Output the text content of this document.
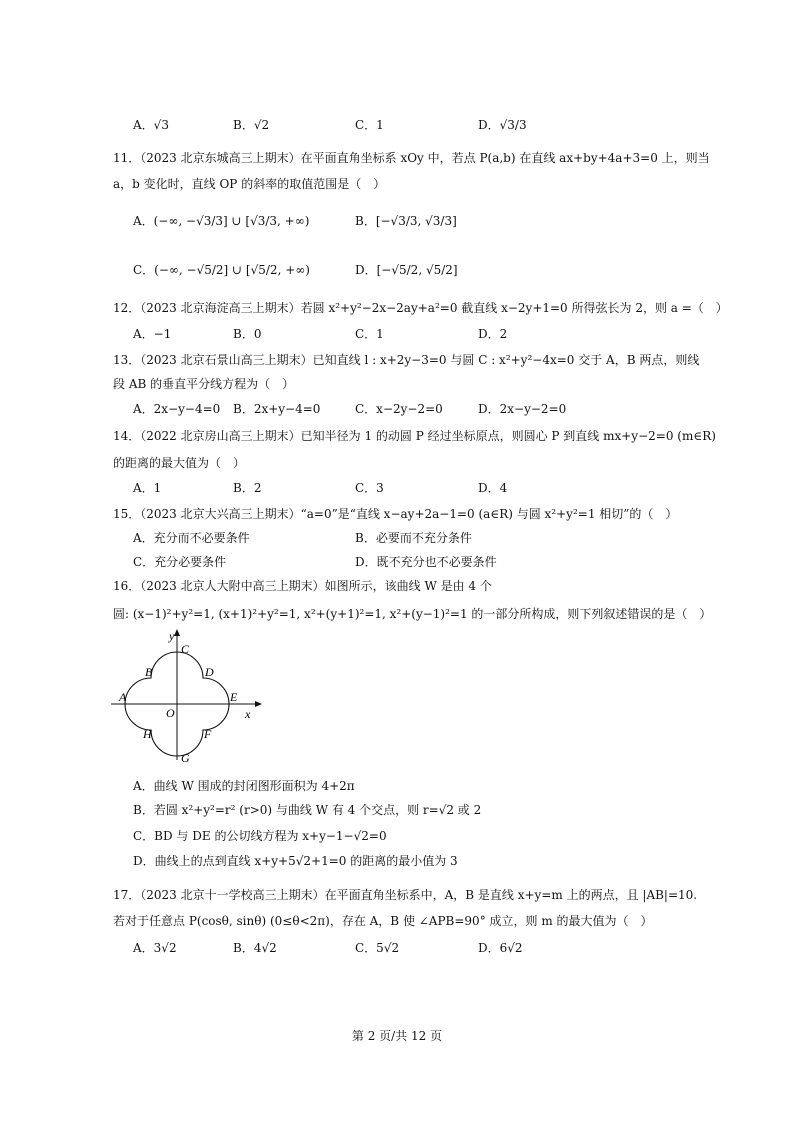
A．√3	B．√2	C．1	D．√3/3
11．（2023 北京东城高三上期末）在平面直角坐标系 xOy 中，若点 P(a,b) 在直线 ax+by+4a+3=0 上，则当
a，b 变化时，直线 OP 的斜率的取值范围是（　）
A．(−∞, −√3/3] ∪ [√3/3, +∞)	B．[−√3/3, √3/3]
C．(−∞, −√5/2] ∪ [√5/2, +∞)	D．[−√5/2, √5/2]
12．（2023 北京海淀高三上期末）若圆 x²+y²−2x−2ay+a²=0 截直线 x−2y+1=0 所得弦长为 2，则 a =（　）
A．−1	B．0	C．1	D．2
13．（2023 北京石景山高三上期末）已知直线 l : x+2y−3=0 与圆 C : x²+y²−4x=0 交于 A，B 两点，则线
段 AB 的垂直平分线方程为（　）
A．2x−y−4=0 B．2x+y−4=0	C．x−2y−2=0	D．2x−y−2=0
14．（2022 北京房山高三上期末）已知半径为 1 的动圆 P 经过坐标原点，则圆心 P 到直线 mx+y−2=0 (m∈R)
的距离的最大值为（　）
A．1	B．2	C．3	D．4
15．（2023 北京大兴高三上期末）“a=0”是“直线 x−ay+2a−1=0 (a∈R) 与圆 x²+y²=1 相切”的（　）
A．充分而不必要条件	B．必要而不充分条件
C．充分必要条件	D．既不充分也不必要条件
16．（2023 北京人大附中高三上期末）如图所示，该曲线 W 是由 4 个
圆: (x−1)²+y²=1, (x+1)²+y²=1, x²+(y+1)²=1, x²+(y−1)²=1 的一部分所构成，则下列叙述错误的是（　）
y
x
O
A
B
C
D
E
F
G
H
A．曲线 W 围成的封闭图形面积为 4+2π
B．若圆 x²+y²=r² (r>0) 与曲线 W 有 4 个交点，则 r=√2 或 2
C．BD 与 DE 的公切线方程为 x+y−1−√2=0
D．曲线上的点到直线 x+y+5√2+1=0 的距离的最小值为 3
17．（2023 北京十一学校高三上期末）在平面直角坐标系中，A，B 是直线 x+y=m 上的两点，且 |AB|=10.
若对于任意点 P(cosθ, sinθ) (0≤θ<2π)，存在 A，B 使 ∠APB=90° 成立，则 m 的最大值为（　）
A．3√2	B．4√2	C．5√2	D．6√2
第 2 页/共 12 页
